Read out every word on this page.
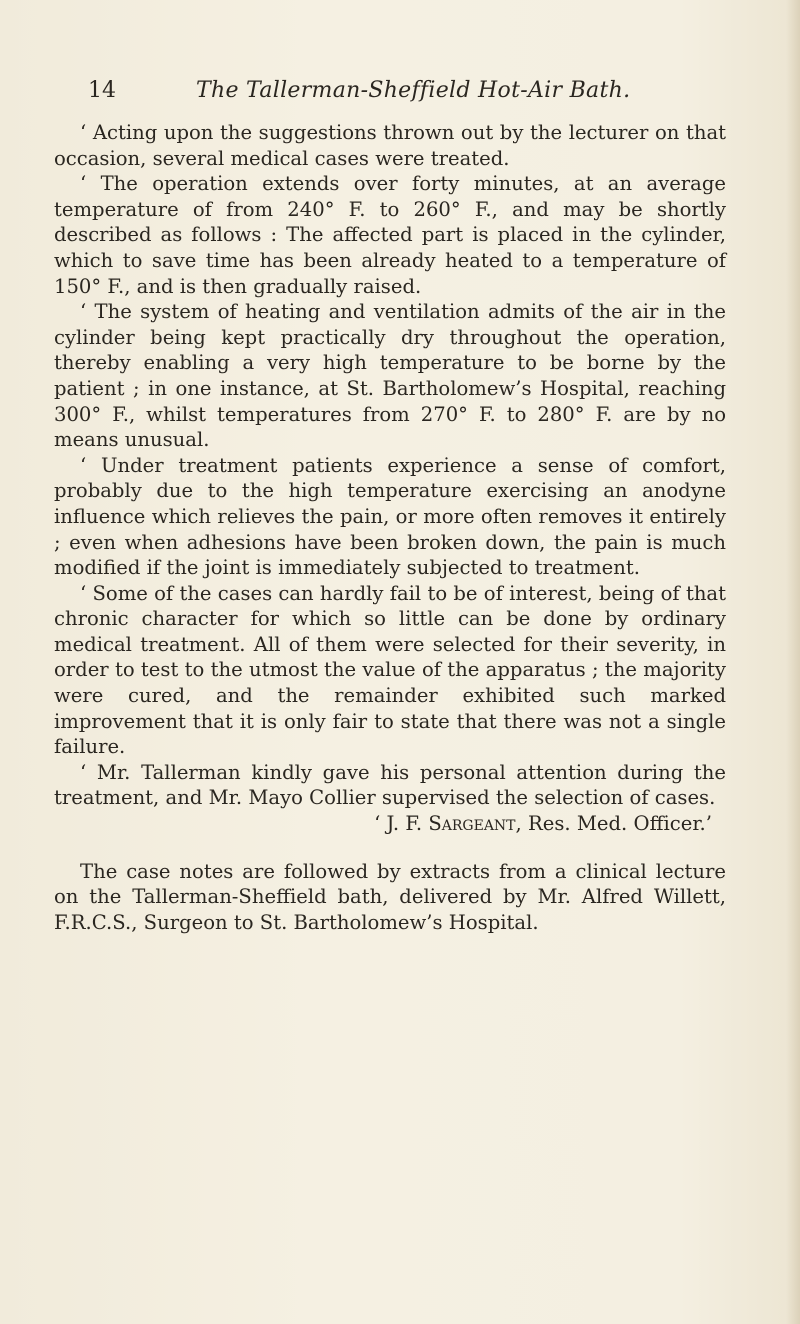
14	The Tallerman-Sheffield Hot-Air Bath.

‘ Acting upon the suggestions thrown out by the lecturer on that occasion, several medical cases were treated.

‘ The operation extends over forty minutes, at an average temperature of from 240° F. to 260° F., and may be shortly described as follows : The affected part is placed in the cylinder, which to save time has been already heated to a temperature of 150° F., and is then gradually raised.

‘ The system of heating and ventilation admits of the air in the cylinder being kept practically dry throughout the operation, thereby enabling a very high temperature to be borne by the patient ; in one instance, at St. Bartholomew’s Hospital, reaching 300° F., whilst temperatures from 270° F. to 280° F. are by no means unusual.

‘ Under treatment patients experience a sense of comfort, probably due to the high temperature exercising an anodyne influence which relieves the pain, or more often removes it entirely ; even when adhesions have been broken down, the pain is much modified if the joint is immediately subjected to treatment.

‘ Some of the cases can hardly fail to be of interest, being of that chronic character for which so little can be done by ordinary medical treatment. All of them were selected for their severity, in order to test to the utmost the value of the apparatus ; the majority were cured, and the remainder exhibited such marked improvement that it is only fair to state that there was not a single failure.

‘ Mr. Tallerman kindly gave his personal attention during the treatment, and Mr. Mayo Collier supervised the selection of cases.

‘ J. F. Sargeant, Res. Med. Officer.’

The case notes are followed by extracts from a clinical lecture on the Tallerman-Sheffield bath, delivered by Mr. Alfred Willett, F.R.C.S., Surgeon to St. Bartholomew’s Hospital.
